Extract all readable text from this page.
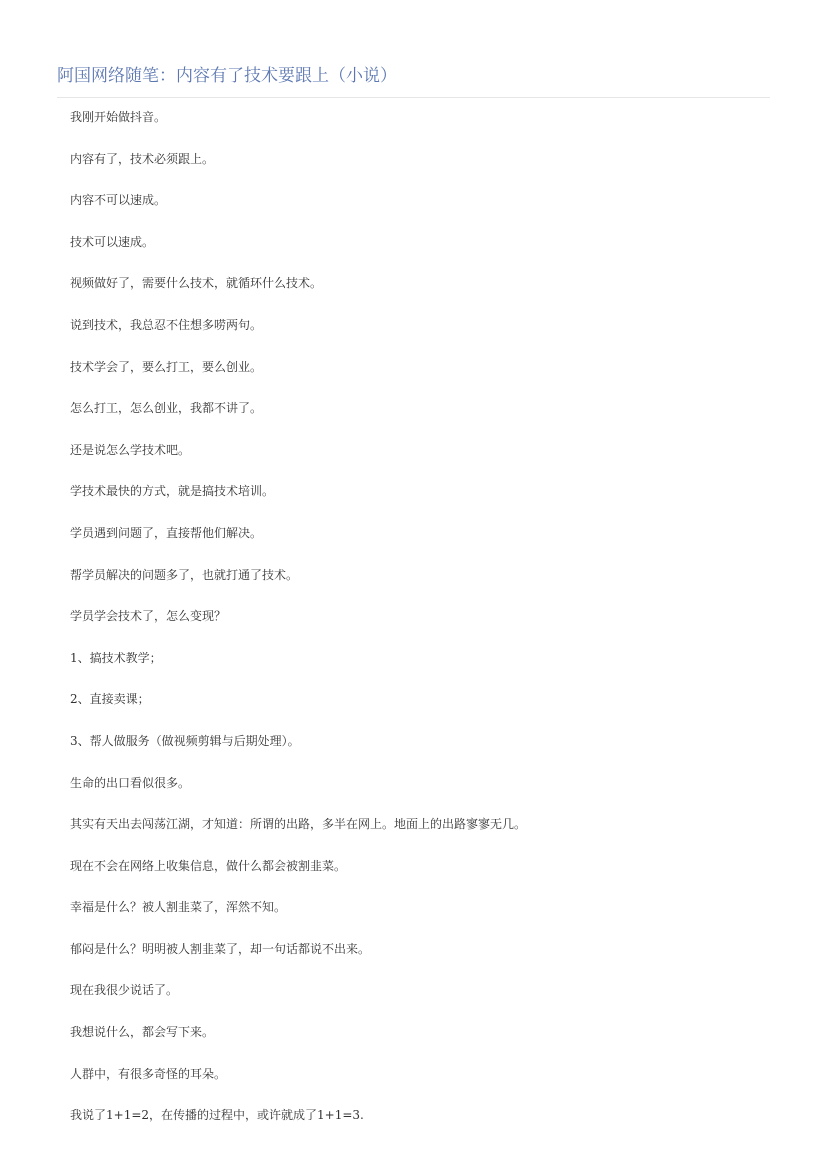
阿国网络随笔：内容有了技术要跟上（小说）

我刚开始做抖音。

内容有了，技术必须跟上。

内容不可以速成。

技术可以速成。

视频做好了，需要什么技术，就循环什么技术。

说到技术，我总忍不住想多唠两句。

技术学会了，要么打工，要么创业。

怎么打工，怎么创业，我都不讲了。

还是说怎么学技术吧。

学技术最快的方式，就是搞技术培训。

学员遇到问题了，直接帮他们解决。

帮学员解决的问题多了，也就打通了技术。

学员学会技术了，怎么变现？

1、搞技术教学；

2、直接卖课；

3、帮人做服务（做视频剪辑与后期处理）。

生命的出口看似很多。

其实有天出去闯荡江湖，才知道：所谓的出路，多半在网上。地面上的出路寥寥无几。

现在不会在网络上收集信息，做什么都会被割韭菜。

幸福是什么？被人割韭菜了，浑然不知。

郁闷是什么？明明被人割韭菜了，却一句话都说不出来。

现在我很少说话了。

我想说什么，都会写下来。

人群中，有很多奇怪的耳朵。

我说了1+1=2，在传播的过程中，或许就成了1+1=3.
